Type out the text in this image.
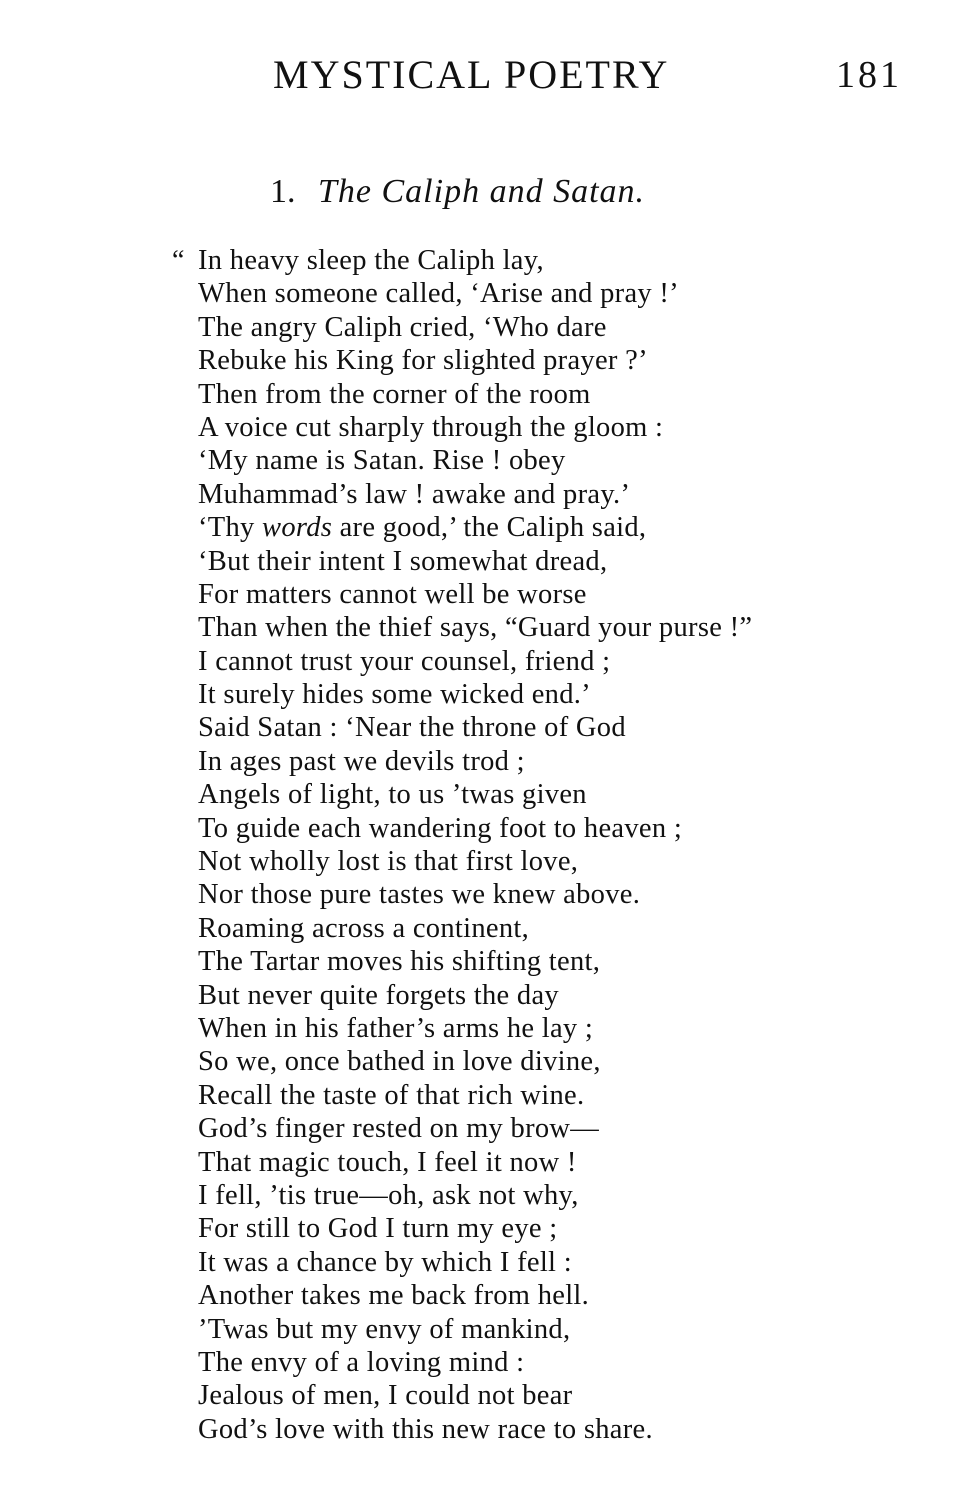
MYSTICAL POETRY	181
1. The Caliph and Satan.
“ In heavy sleep the Caliph lay,
When someone called, ‘Arise and pray !’
The angry Caliph cried, ‘Who dare
Rebuke his King for slighted prayer ?’
Then from the corner of the room
A voice cut sharply through the gloom :
‘My name is Satan. Rise ! obey
Muhammad’s law ! awake and pray.’
‘Thy words are good,’ the Caliph said,
‘But their intent I somewhat dread,
For matters cannot well be worse
Than when the thief says, “Guard your purse !”
I cannot trust your counsel, friend ;
It surely hides some wicked end.’
Said Satan : ‘Near the throne of God
In ages past we devils trod ;
Angels of light, to us ’twas given
To guide each wandering foot to heaven ;
Not wholly lost is that first love,
Nor those pure tastes we knew above.
Roaming across a continent,
The Tartar moves his shifting tent,
But never quite forgets the day
When in his father’s arms he lay ;
So we, once bathed in love divine,
Recall the taste of that rich wine.
God’s finger rested on my brow—
That magic touch, I feel it now !
I fell, ’tis true—oh, ask not why,
For still to God I turn my eye ;
It was a chance by which I fell :
Another takes me back from hell.
’Twas but my envy of mankind,
The envy of a loving mind :
Jealous of men, I could not bear
God’s love with this new race to share.
